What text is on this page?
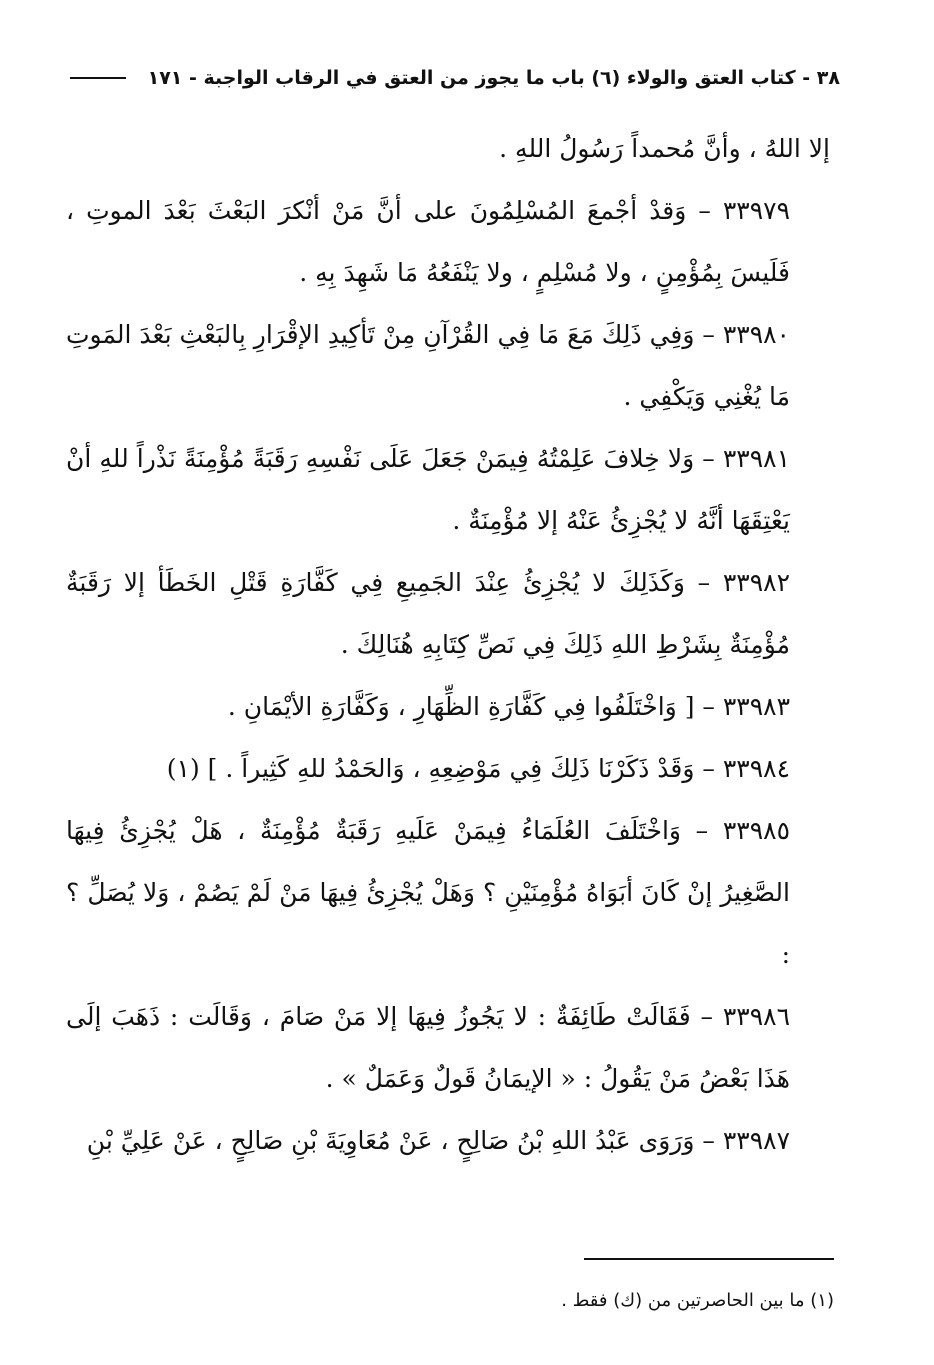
٣٨ - كتاب العتق والولاء (٦) باب ما يجوز من العتق في الرقاب الواجبة - ١٧١

إلا اللهُ ، وأنَّ مُحمداً رَسُولُ اللهِ .

٣٣٩٧٩ – وَقدْ أجْمعَ المُسْلِمُونَ على أنَّ مَنْ أنْكرَ البَعْثَ بَعْدَ الموتِ ، فَلَيسَ بِمُؤْمِنٍ ، ولا مُسْلِمٍ ، ولا يَنْفَعُهُ مَا شَهِدَ بِهِ .

٣٣٩٨٠ – وَفِي ذَلِكَ مَعَ مَا فِي القُرْآنِ مِنْ تَأكِيدِ الإقْرَارِ بِالبَعْثِ بَعْدَ المَوتِ مَا يُغْنِي وَيَكْفِي .

٣٣٩٨١ – وَلا خِلافَ عَلِمْتُهُ فِيمَنْ جَعَلَ عَلَى نَفْسِهِ رَقَبَةً مُؤْمِنَةً نَذْراً للهِ أنْ يَعْتِقَهَا أنَّهُ لا يُجْزِئُ عَنْهُ إلا مُؤْمِنَةٌ .

٣٣٩٨٢ – وَكَذَلِكَ لا يُجْزِئُ عِنْدَ الجَمِيعِ فِي كَفَّارَةِ قَتْلِ الخَطَأ إلا رَقَبَةٌ مُؤْمِنَةٌ بِشَرْطِ اللهِ ذَلِكَ فِي نَصِّ كِتَابِهِ هُنَالِكَ .

٣٣٩٨٣ – [ وَاخْتَلَفُوا فِي كَفَّارَةِ الظِّهَارِ ، وَكَفَّارَةِ الأيْمَانِ .

٣٣٩٨٤ – وَقَدْ ذَكَرْنَا ذَلِكَ فِي مَوْضِعِهِ ، وَالحَمْدُ للهِ كَثِيراً . ] (١)

٣٣٩٨٥ – وَاخْتَلَفَ العُلَمَاءُ فِيمَنْ عَلَيهِ رَقَبَةٌ مُؤْمِنَةٌ ، هَلْ يُجْزِئُ فِيهَا الصَّغِيرُ إنْ كَانَ أبَوَاهُ مُؤْمِنَيْنِ ؟ وَهَلْ يُجْزِئُ فِيهَا مَنْ لَمْ يَصُمْ ، وَلا يُصَلِّ ؟ :

٣٣٩٨٦ – فَقَالَتْ طَائِفَةٌ : لا يَجُوزُ فِيهَا إلا مَنْ صَامَ ، وَقَالَت : ذَهَبَ إلَى هَذَا بَعْضُ مَنْ يَقُولُ : « الإيمَانُ قَولٌ وَعَمَلٌ » .

٣٣٩٨٧ – وَرَوَى عَبْدُ اللهِ بْنُ صَالِحٍ ، عَنْ مُعَاوِيَةَ بْنِ صَالِحٍ ، عَنْ عَلِيِّ بْنِ

(١) ما بين الحاصرتين من (ك) فقط .
